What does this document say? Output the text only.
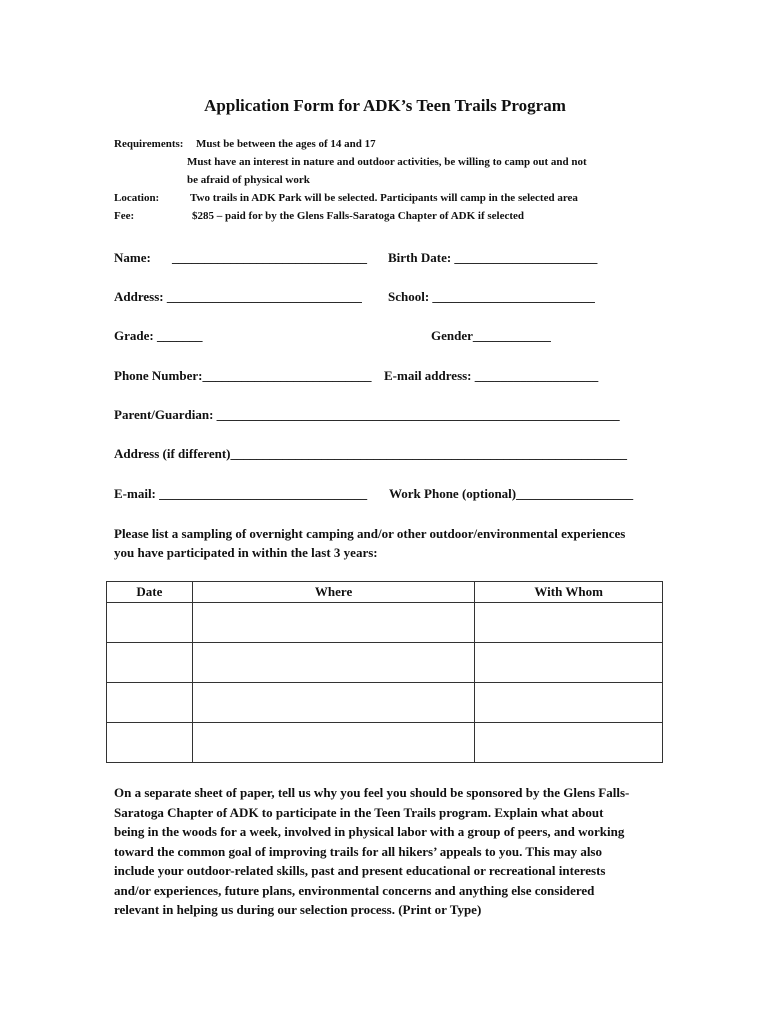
Application Form for ADK’s Teen Trails Program
Requirements: Must be between the ages of 14 and 17
Must have an interest in nature and outdoor activities, be willing to camp out and not
be afraid of physical work
Location:	Two trails in ADK Park will be selected. Participants will camp in the selected area
Fee:	$285 – paid for by the Glens Falls-Saratoga Chapter of ADK if selected
Name: ______________________________ Birth Date: ______________________
Address: ______________________________ School: _________________________
Grade: _______	Gender____________
Phone Number:__________________________ E-mail address: ___________________
Parent/Guardian: ______________________________________________________________
Address (if different)_____________________________________________________________
E-mail: ________________________________ Work Phone (optional)__________________
Please list a sampling of overnight camping and/or other outdoor/environmental experiences
you have participated in within the last 3 years:
Date	Where	With Whom

On a separate sheet of paper, tell us why you feel you should be sponsored by the Glens Falls-
Saratoga Chapter of ADK to participate in the Teen Trails program. Explain what about
being in the woods for a week, involved in physical labor with a group of peers, and working
toward the common goal of improving trails for all hikers’ appeals to you. This may also
include your outdoor-related skills, past and present educational or recreational interests
and/or experiences, future plans, environmental concerns and anything else considered
relevant in helping us during our selection process. (Print or Type)
